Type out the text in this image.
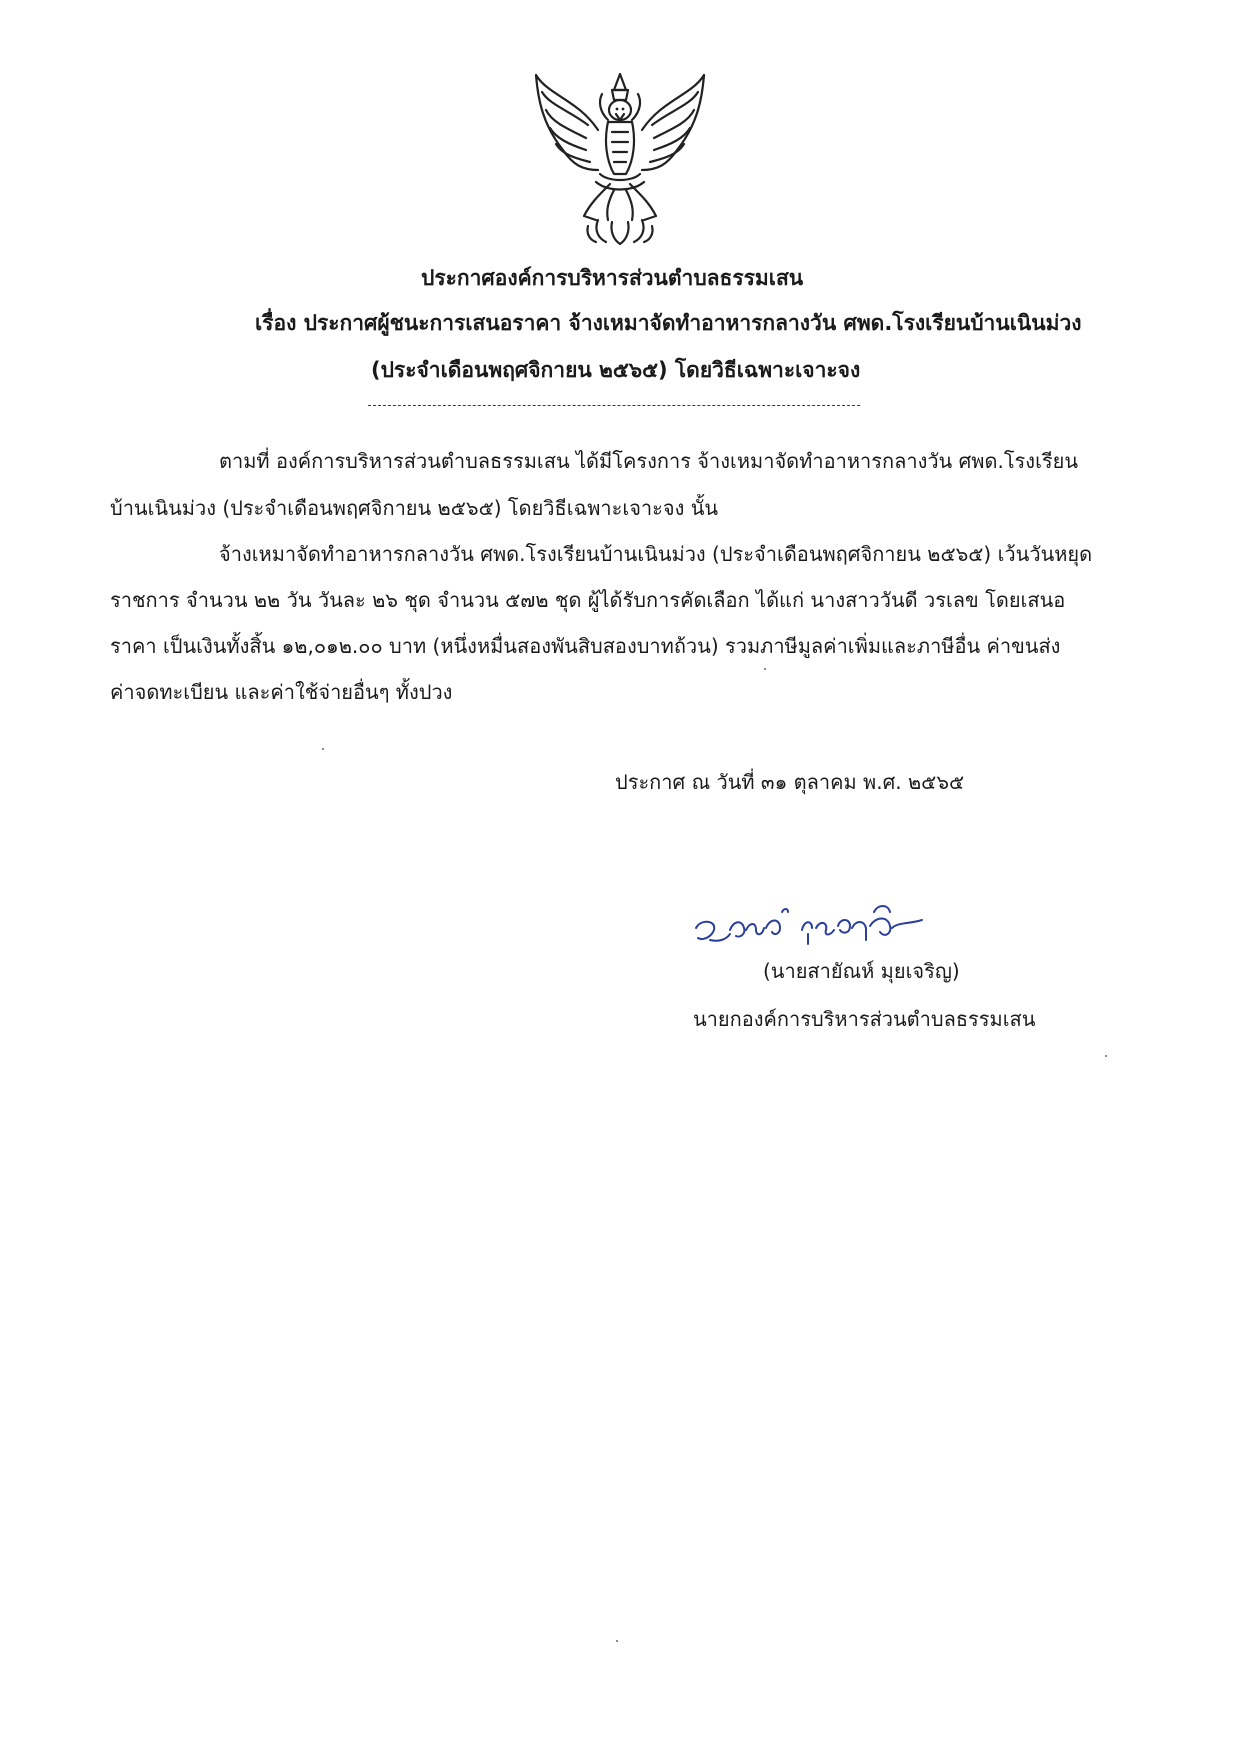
ประกาศองค์การบริหารส่วนตำบลธรรมเสน
เรื่อง ประกาศผู้ชนะการเสนอราคา จ้างเหมาจัดทำอาหารกลางวัน ศพด.โรงเรียนบ้านเนินม่วง
(ประจำเดือนพฤศจิกายน ๒๕๖๕) โดยวิธีเฉพาะเจาะจง
ตามที่ องค์การบริหารส่วนตำบลธรรมเสน ได้มีโครงการ จ้างเหมาจัดทำอาหารกลางวัน ศพด.โรงเรียน
บ้านเนินม่วง (ประจำเดือนพฤศจิกายน ๒๕๖๕) โดยวิธีเฉพาะเจาะจง นั้น
จ้างเหมาจัดทำอาหารกลางวัน ศพด.โรงเรียนบ้านเนินม่วง (ประจำเดือนพฤศจิกายน ๒๕๖๕) เว้นวันหยุด
ราชการ จำนวน ๒๒ วัน วันละ ๒๖ ชุด จำนวน ๕๗๒ ชุด ผู้ได้รับการคัดเลือก ได้แก่ นางสาววันดี วรเลข โดยเสนอ
ราคา เป็นเงินทั้งสิ้น ๑๒,๐๑๒.๐๐ บาท (หนึ่งหมื่นสองพันสิบสองบาทถ้วน) รวมภาษีมูลค่าเพิ่มและภาษีอื่น ค่าขนส่ง
ค่าจดทะเบียน และค่าใช้จ่ายอื่นๆ ทั้งปวง
ประกาศ ณ วันที่ ๓๑ ตุลาคม พ.ศ. ๒๕๖๕
(นายสายัณห์ มุยเจริญ)
นายกองค์การบริหารส่วนตำบลธรรมเสน
